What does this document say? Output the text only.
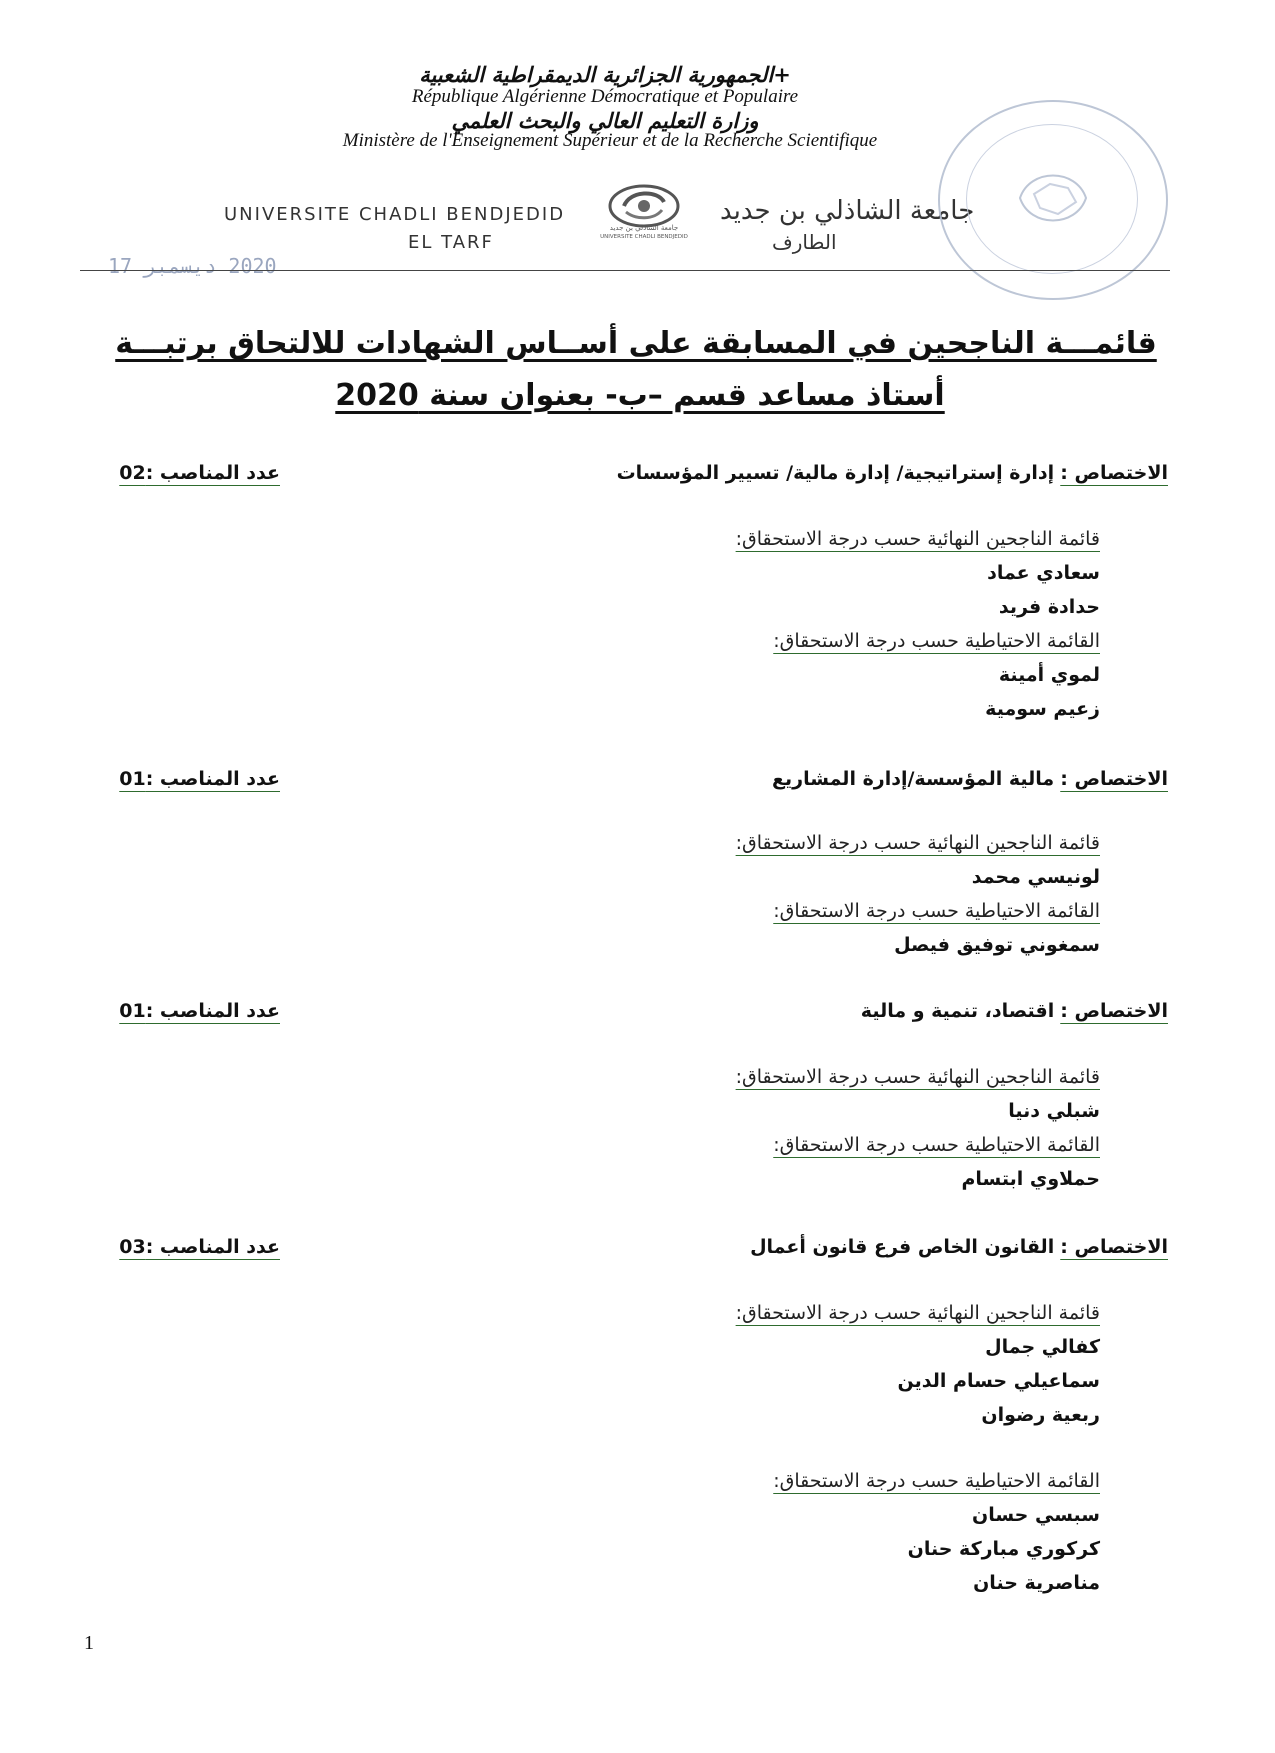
+الجمهورية الجزائرية الديمقراطية الشعبية
République Algérienne Démocratique et Populaire
وزارة التعليم العالي والبحث العلمي
Ministère de l'Enseignement Supérieur et de la Recherche Scientifique
UNIVERSITE CHADLI BENDJEDID
EL TARF
جامعة الشاذلي بن جديد
UNIVERSITE CHADLI BENDJEDID
جامعة الشاذلي بن جديد
الطارف
2020 ديسمبر 17
قائمـــة الناجحين في المسابقة على أســاس الشهادات للالتحاق برتبـــة
أستاذ مساعد قسم –ب- بعنوان سنة 2020
الاختصاص : إدارة إستراتيجية/ إدارة مالية/ تسيير المؤسسات
عدد المناصب :02
قائمة الناجحين النهائية حسب درجة الاستحقاق:
سعادي عماد
حدادة فريد
القائمة الاحتياطية حسب درجة الاستحقاق:
لموي أمينة
زعيم سومية
الاختصاص : مالية المؤسسة/إدارة المشاريع
عدد المناصب :01
قائمة الناجحين النهائية حسب درجة الاستحقاق:
لونيسي محمد
القائمة الاحتياطية حسب درجة الاستحقاق:
سمغوني توفيق فيصل
الاختصاص : اقتصاد، تنمية و مالية
عدد المناصب :01
قائمة الناجحين النهائية حسب درجة الاستحقاق:
شبلي دنيا
القائمة الاحتياطية حسب درجة الاستحقاق:
حملاوي ابتسام
الاختصاص : القانون الخاص فرع قانون أعمال
عدد المناصب :03
قائمة الناجحين النهائية حسب درجة الاستحقاق:
كفالي جمال
سماعيلي حسام الدين
ربعية رضوان
القائمة الاحتياطية حسب درجة الاستحقاق:
سبسي حسان
كركوري مباركة حنان
مناصرية حنان
1
